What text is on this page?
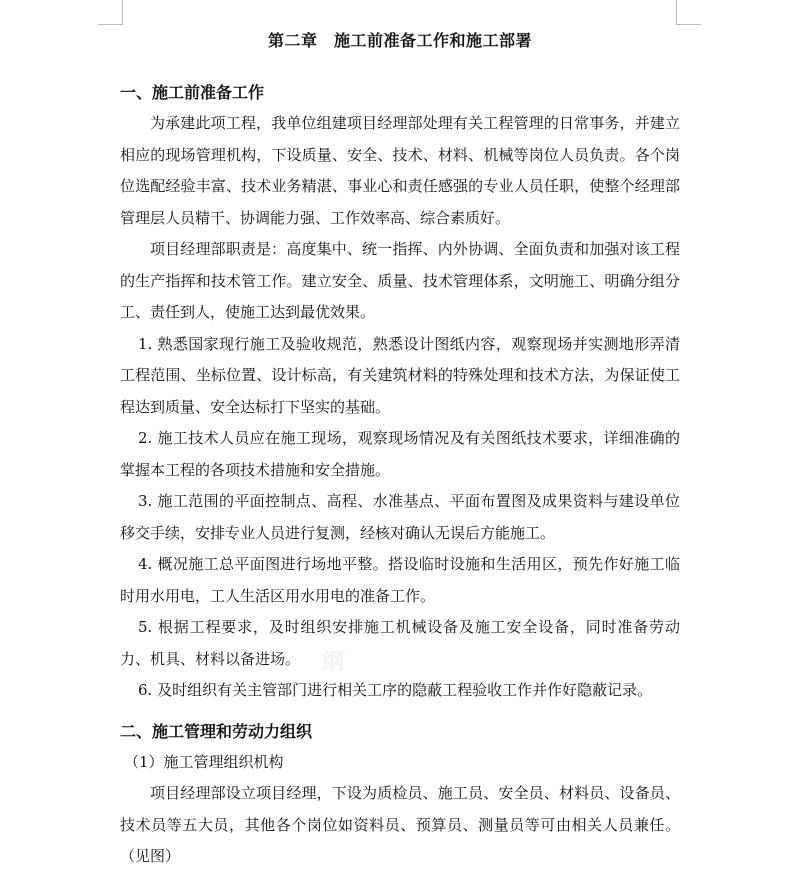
纲
第二章　施工前准备工作和施工部署
一、施工前准备工作

为承建此项工程，我单位组建项目经理部处理有关工程管理的日常事务，并建立相应的现场管理机构，下设质量、安全、技术、材料、机械等岗位人员负责。各个岗位选配经验丰富、技术业务精湛、事业心和责任感强的专业人员任职，使整个经理部管理层人员精干、协调能力强、工作效率高、综合素质好。

项目经理部职责是：高度集中、统一指挥、内外协调、全面负责和加强对该工程的生产指挥和技术管工作。建立安全、质量、技术管理体系，文明施工、明确分组分工、责任到人，使施工达到最优效果。

1. 熟悉国家现行施工及验收规范，熟悉设计图纸内容，观察现场并实测地形弄清工程范围、坐标位置、设计标高，有关建筑材料的特殊处理和技术方法，为保证使工程达到质量、安全达标打下坚实的基础。

2. 施工技术人员应在施工现场，观察现场情况及有关图纸技术要求，详细准确的掌握本工程的各项技术措施和安全措施。

3. 施工范围的平面控制点、高程、水准基点、平面布置图及成果资料与建设单位移交手续，安排专业人员进行复测，经核对确认无误后方能施工。

4. 概况施工总平面图进行场地平整。搭设临时设施和生活用区，预先作好施工临时用水用电，工人生活区用水用电的准备工作。

5. 根据工程要求，及时组织安排施工机械设备及施工安全设备，同时准备劳动力、机具、材料以备进场。

6. 及时组织有关主管部门进行相关工序的隐蔽工程验收工作并作好隐蔽记录。

二、施工管理和劳动力组织

（1）施工管理组织机构

项目经理部设立项目经理，下设为质检员、施工员、安全员、材料员、设备员、技术员等五大员，其他各个岗位如资料员、预算员、测量员等可由相关人员兼任。（见图）
